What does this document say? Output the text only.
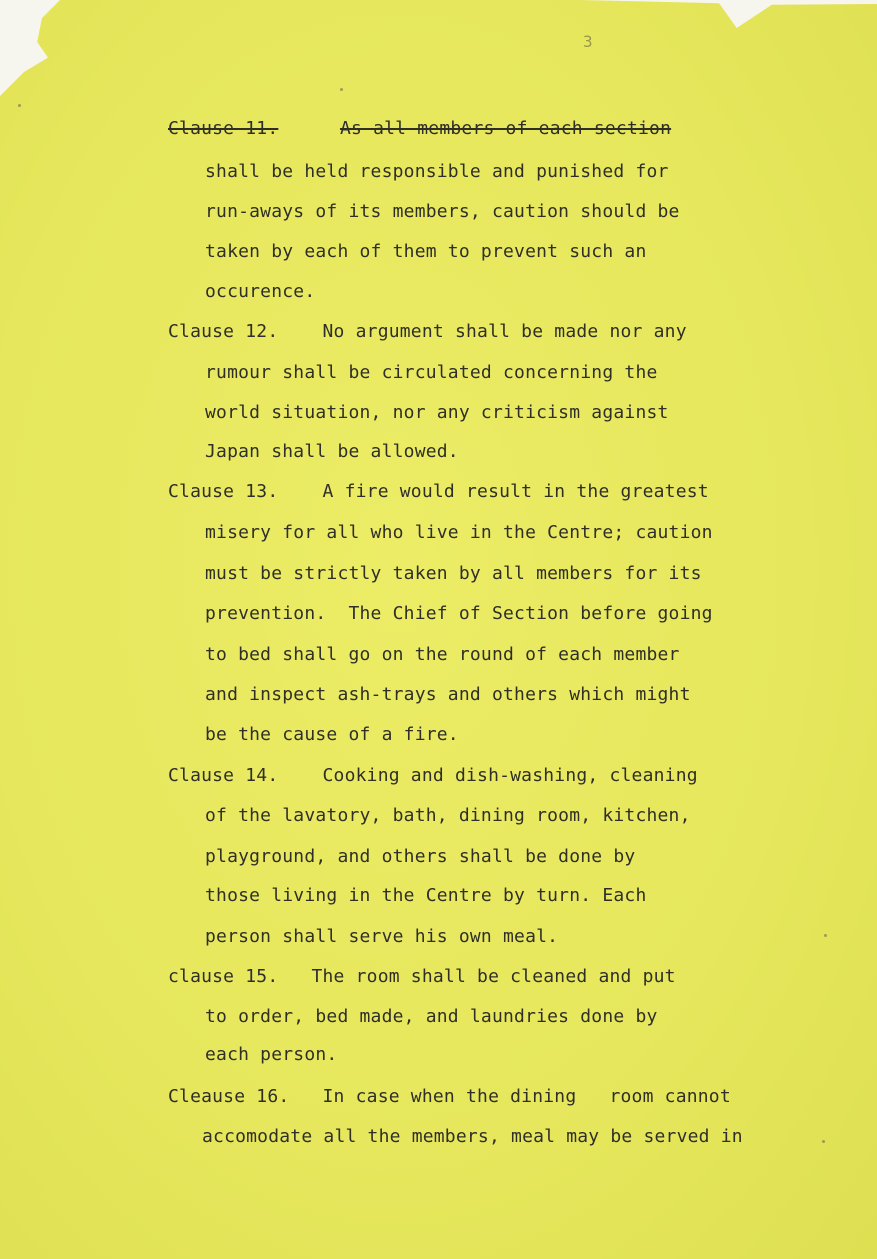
3
Clause 11.	As all members of each section
shall be held responsible and punished for
run-aways of its members, caution should be
taken by each of them to prevent such an
occurence.
Clause 12.    No argument shall be made nor any
rumour shall be circulated concerning the
world situation, nor any criticism against
Japan shall be allowed.
Clause 13.    A fire would result in the greatest
misery for all who live in the Centre; caution
must be strictly taken by all members for its
prevention.  The Chief of Section before going
to bed shall go on the round of each member
and inspect ash-trays and others which might
be the cause of a fire.
Clause 14.    Cooking and dish-washing, cleaning
of the lavatory, bath, dining room, kitchen,
playground, and others shall be done by
those living in the Centre by turn. Each
person shall serve his own meal.
clause 15.   The room shall be cleaned and put
to order, bed made, and laundries done by
each person.
Cleause 16.   In case when the dining   room cannot
accomodate all the members, meal may be served in
